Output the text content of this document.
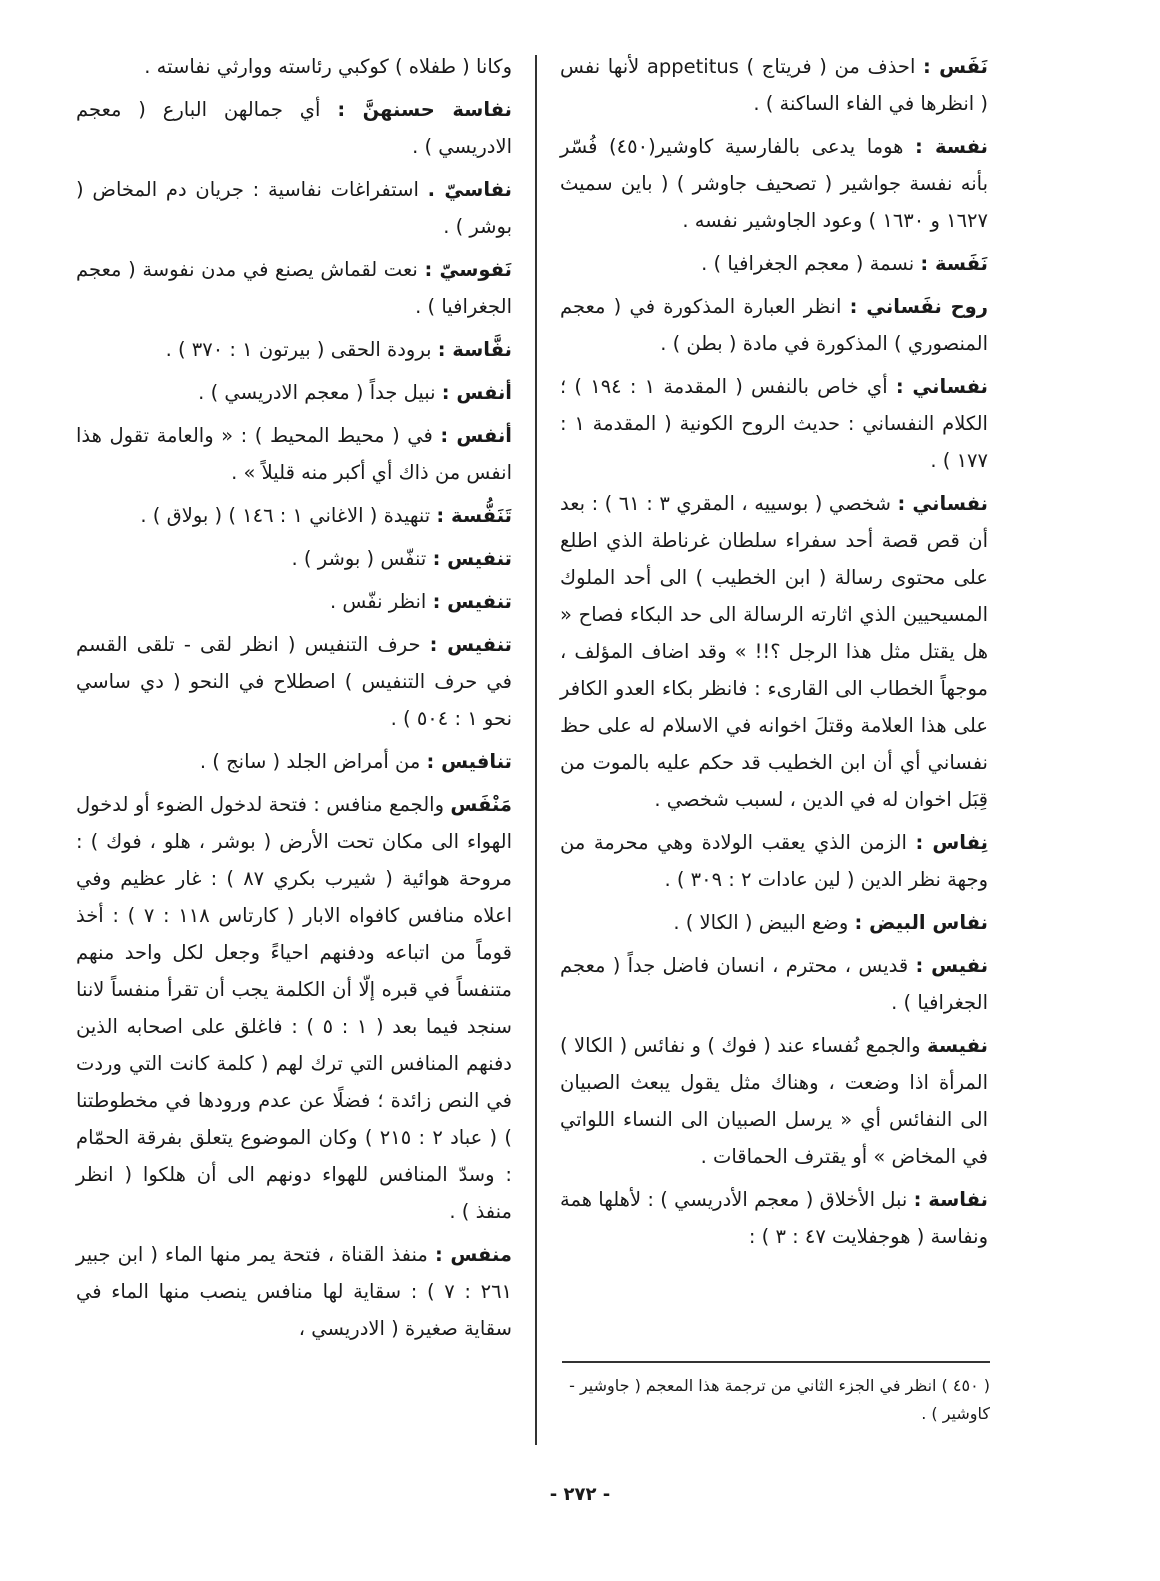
نَفَس : احذف من ( فريتاج ) appetitus لأنها نفس ( انظرها في الفاء الساكنة ) .
نفسة : هوما يدعى بالفارسية كاوشير(٤٥٠) فُسّر بأنه نفسة جواشير ( تصحيف جاوشر ) ( باين سميث ١٦٢٧ و ١٦٣٠ ) وعود الجاوشير نفسه .
نَفَسة : نسمة ( معجم الجغرافيا ) .
روح نفَساني : انظر العبارة المذكورة في ( معجم المنصوري ) المذكورة في مادة ( بطن ) .
نفساني : أي خاص بالنفس ( المقدمة ١ : ١٩٤ ) ؛ الكلام النفساني : حديث الروح الكونية ( المقدمة ١ : ١٧٧ ) .
نفساني : شخصي ( بوسييه ، المقري ٣ : ٦١ ) : بعد أن قص قصة أحد سفراء سلطان غرناطة الذي اطلع على محتوى رسالة ( ابن الخطيب ) الى أحد الملوك المسيحيين الذي اثارته الرسالة الى حد البكاء فصاح « هل يقتل مثل هذا الرجل ؟!! » وقد اضاف المؤلف ، موجهاً الخطاب الى القارىء : فانظر بكاء العدو الكافر على هذا العلامة وقتلَ اخوانه في الاسلام له على حظ نفساني أي أن ابن الخطيب قد حكم عليه بالموت من قِبَل اخوان له في الدين ، لسبب شخصي .
نِفاس : الزمن الذي يعقب الولادة وهي محرمة من وجهة نظر الدين ( لين عادات ٢ : ٣٠٩ ) .
نفاس البيض : وضع البيض ( الكالا ) .
نفيس : قديس ، محترم ، انسان فاضل جداً ( معجم الجغرافيا ) .
نفيسة والجمع نُفساء عند ( فوك ) و نفائس ( الكالا ) المرأة اذا وضعت ، وهناك مثل يقول يبعث الصبيان الى النفائس أي « يرسل الصبيان الى النساء اللواتي في المخاض » أو يقترف الحماقات .
نفاسة : نبل الأخلاق ( معجم الأدريسي ) : لأهلها همة ونفاسة ( هوجفلايت ٤٧ : ٣ ) :
وكانا ( طفلاه ) كوكبي رئاسته ووارثي نفاسته .
نفاسة حسنهنَّ : أي جمالهن البارع ( معجم الادريسي ) .
نفاسيّ . استفراغات نفاسية : جريان دم المخاض ( بوشر ) .
نَفوسيّ : نعت لقماش يصنع في مدن نفوسة ( معجم الجغرافيا ) .
نفَّاسة : برودة الحقى ( بيرتون ١ : ٣٧٠ ) .
أنفس : نبيل جداً ( معجم الادريسي ) .
أنفس : في ( محيط المحيط ) : « والعامة تقول هذا انفس من ذاك أي أكبر منه قليلاً » .
تَنَفُّسة : تنهيدة ( الاغاني ١ : ١٤٦ ) ( بولاق ) .
تنفيس : تنفّس ( بوشر ) .
تنفيس : انظر نفّس .
تنفيس : حرف التنفيس ( انظر لقى - تلقى القسم في حرف التنفيس ) اصطلاح في النحو ( دي ساسي نحو ١ : ٥٠٤ ) .
تنافيس : من أمراض الجلد ( سانج ) .
مَنْفَس والجمع منافس : فتحة لدخول الضوء أو لدخول الهواء الى مكان تحت الأرض ( بوشر ، هلو ، فوك ) : مروحة هوائية ( شيرب بكري ٨٧ ) : غار عظيم وفي اعلاه منافس كافواه الابار ( كارتاس ١١٨ : ٧ ) : أخذ قوماً من اتباعه ودفنهم احياءً وجعل لكل واحد منهم متنفساً في قبره إلّا أن الكلمة يجب أن تقرأ منفساً لاننا سنجد فيما بعد ( ١ : ٥ ) : فاغلق على اصحابه الذين دفنهم المنافس التي ترك لهم ( كلمة كانت التي وردت في النص زائدة ؛ فضلًا عن عدم ورودها في مخطوطتنا ) ( عباد ٢ : ٢١٥ ) وكان الموضوع يتعلق بفرقة الحمّام : وسدّ المنافس للهواء دونهم الى أن هلكوا ( انظر منفذ ) .
منفس : منفذ القناة ، فتحة يمر منها الماء ( ابن جبير ٢٦١ : ٧ ) : سقاية لها منافس ينصب منها الماء في سقاية صغيرة ( الادريسي ،
( ٤٥٠ ) انظر في الجزء الثاني من ترجمة هذا المعجم ( جاوشير - كاوشير ) .
- ٢٧٢ -
